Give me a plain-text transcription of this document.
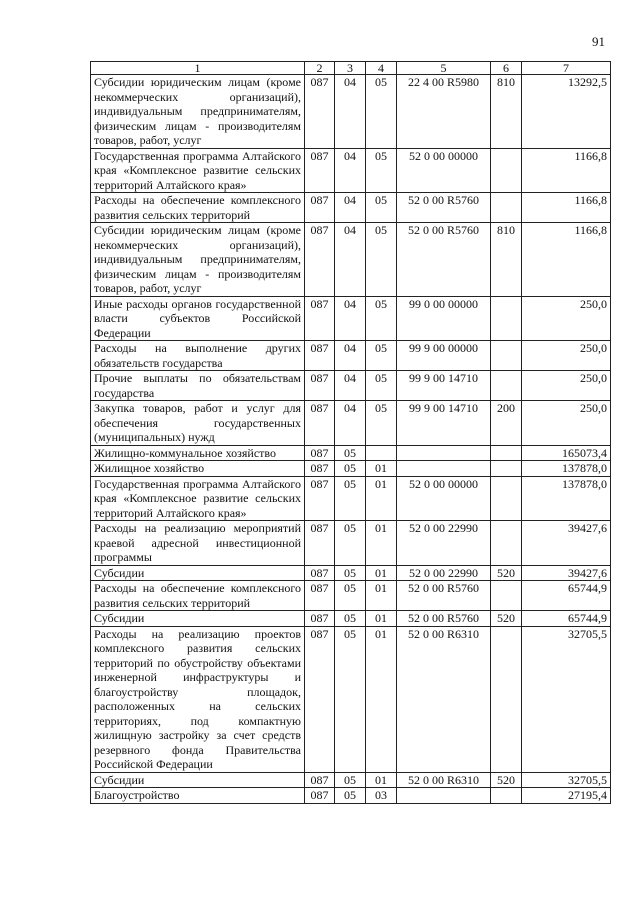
91
1	2	3	4	5	6	7
Субсидии юридическим лицам (кроме некоммерческих организаций), индивидуальным предпринимателям, физическим лицам - производителям товаров, работ, услуг	087	04	05	22 4 00 R5980	810	13292,5
Государственная программа Алтайского края «Комплексное развитие сельских территорий Алтайского края»	087	04	05	52 0 00 00000		1166,8
Расходы на обеспечение комплексного развития сельских территорий	087	04	05	52 0 00 R5760		1166,8
Субсидии юридическим лицам (кроме некоммерческих организаций), индивидуальным предпринимателям, физическим лицам - производителям товаров, работ, услуг	087	04	05	52 0 00 R5760	810	1166,8
Иные расходы органов государственной власти субъектов Российской Федерации	087	04	05	99 0 00 00000		250,0
Расходы на выполнение других обязательств государства	087	04	05	99 9 00 00000		250,0
Прочие выплаты по обязательствам государства	087	04	05	99 9 00 14710		250,0
Закупка товаров, работ и услуг для обеспечения государственных (муниципальных) нужд	087	04	05	99 9 00 14710	200	250,0
Жилищно-коммунальное хозяйство	087	05				165073,4
Жилищное хозяйство	087	05	01			137878,0
Государственная программа Алтайского края «Комплексное развитие сельских территорий Алтайского края»	087	05	01	52 0 00 00000		137878,0
Расходы на реализацию мероприятий краевой адресной инвестиционной программы	087	05	01	52 0 00 22990		39427,6
Субсидии	087	05	01	52 0 00 22990	520	39427,6
Расходы на обеспечение комплексного развития сельских территорий	087	05	01	52 0 00 R5760		65744,9
Субсидии	087	05	01	52 0 00 R5760	520	65744,9
Расходы на реализацию проектов комплексного развития сельских территорий по обустройству объектами инженерной инфраструктуры и благоустройству площадок, расположенных на сельских территориях, под компактную жилищную застройку за счет средств резервного фонда Правительства Российской Федерации	087	05	01	52 0 00 R6310		32705,5
Субсидии	087	05	01	52 0 00 R6310	520	32705,5
Благоустройство	087	05	03			27195,4
